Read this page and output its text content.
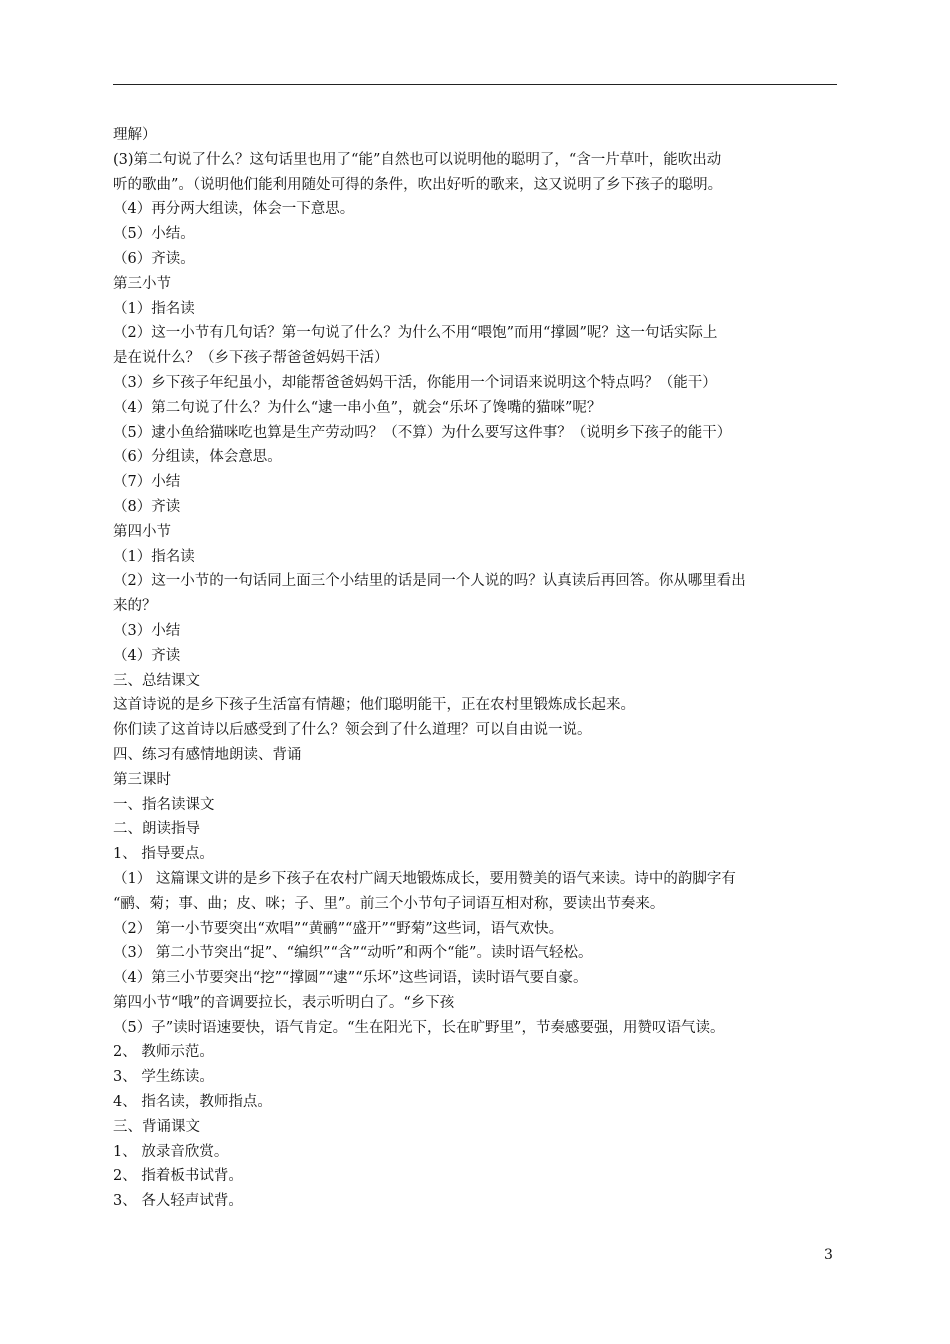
理解）
(3)第二句说了什么？这句话里也用了“能”自然也可以说明他的聪明了，“含一片草叶，能吹出动
听的歌曲”。（说明他们能利用随处可得的条件，吹出好听的歌来，这又说明了乡下孩子的聪明。
（4）再分两大组读，体会一下意思。
（5）小结。
（6）齐读。
第三小节
（1）指名读
（2）这一小节有几句话？第一句说了什么？为什么不用“喂饱”而用“撑圆”呢？这一句话实际上
是在说什么？（乡下孩子帮爸爸妈妈干活）
（3）乡下孩子年纪虽小，却能帮爸爸妈妈干活，你能用一个词语来说明这个特点吗？（能干）
（4）第二句说了什么？为什么“逮一串小鱼”，就会“乐坏了馋嘴的猫咪”呢？
（5）逮小鱼给猫咪吃也算是生产劳动吗？（不算）为什么要写这件事？（说明乡下孩子的能干）
（6）分组读，体会意思。
（7）小结
（8）齐读
第四小节
（1）指名读
（2）这一小节的一句话同上面三个小结里的话是同一个人说的吗？认真读后再回答。你从哪里看出
来的？
（3）小结
（4）齐读
三、总结课文
这首诗说的是乡下孩子生活富有情趣；他们聪明能干，正在农村里锻炼成长起来。
你们读了这首诗以后感受到了什么？领会到了什么道理？可以自由说一说。
四、练习有感情地朗读、背诵
第三课时
一、指名读课文
二、朗读指导
1、 指导要点。
（1） 这篇课文讲的是乡下孩子在农村广阔天地锻炼成长，要用赞美的语气来读。诗中的韵脚字有
“鹂、菊；事、曲；皮、咪；子、里”。前三个小节句子词语互相对称，要读出节奏来。
（2） 第一小节要突出“欢唱”“黄鹂”“盛开”“野菊”这些词，语气欢快。
（3） 第二小节突出“捉”、“编织”“含”“动听”和两个“能”。读时语气轻松。
（4）第三小节要突出“挖”“撑圆”“逮”“乐坏”这些词语，读时语气要自豪。
第四小节“哦”的音调要拉长，表示听明白了。“乡下孩
（5）子”读时语速要快，语气肯定。“生在阳光下，长在旷野里”，节奏感要强，用赞叹语气读。
2、 教师示范。
3、 学生练读。
4、 指名读，教师指点。
三、背诵课文
1、 放录音欣赏。
2、 指着板书试背。
3、 各人轻声试背。
3
